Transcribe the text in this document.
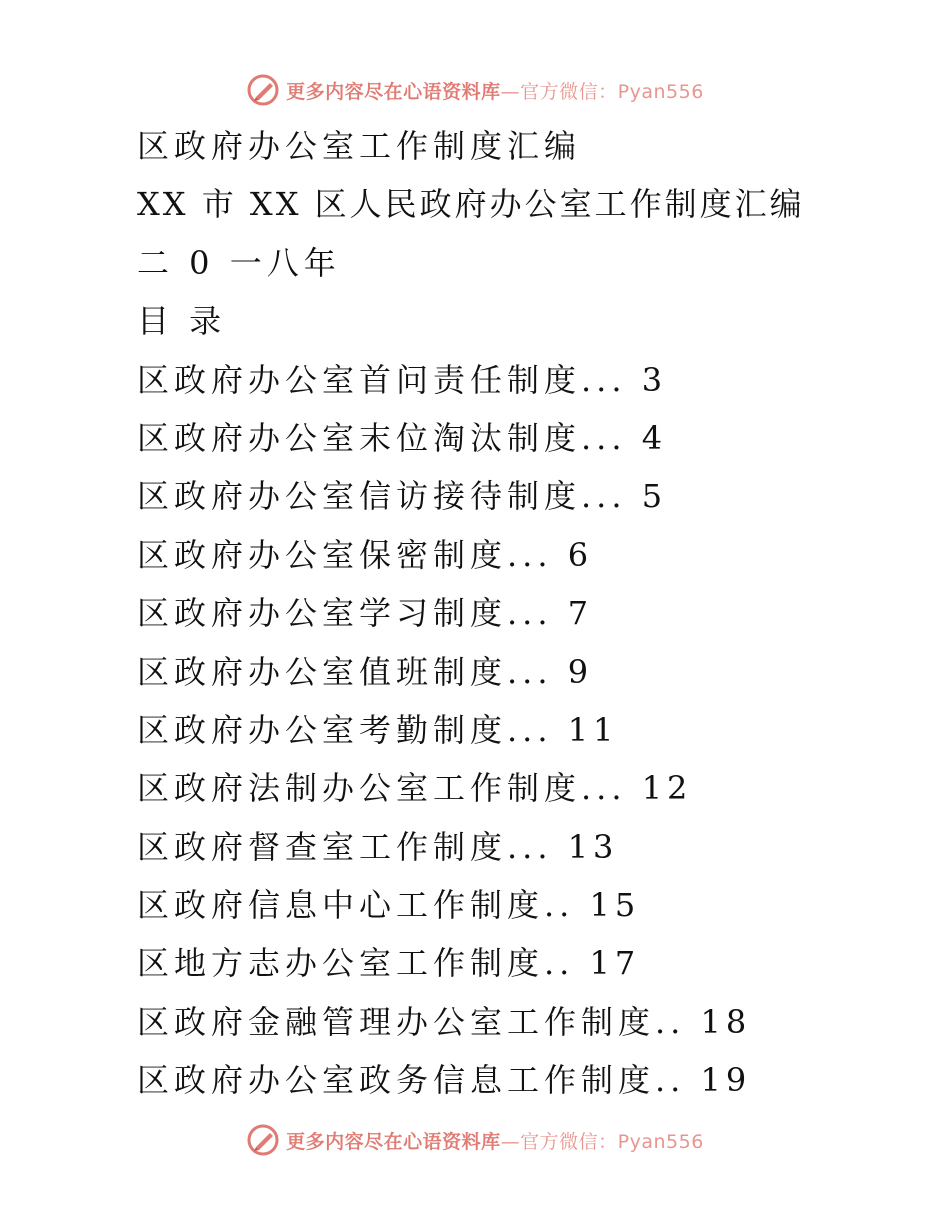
更多内容尽在心语资料库—官方微信：Pyan556
区政府办公室工作制度汇编
XX 市 XX 区人民政府办公室工作制度汇编
二 0 一八年
目 录
区政府办公室首问责任制度... 3
区政府办公室末位淘汰制度... 4
区政府办公室信访接待制度... 5
区政府办公室保密制度... 6
区政府办公室学习制度... 7
区政府办公室值班制度... 9
区政府办公室考勤制度... 11
区政府法制办公室工作制度... 12
区政府督查室工作制度... 13
区政府信息中心工作制度.. 15
区地方志办公室工作制度.. 17
区政府金融管理办公室工作制度.. 18
区政府办公室政务信息工作制度.. 19
更多内容尽在心语资料库—官方微信：Pyan556
